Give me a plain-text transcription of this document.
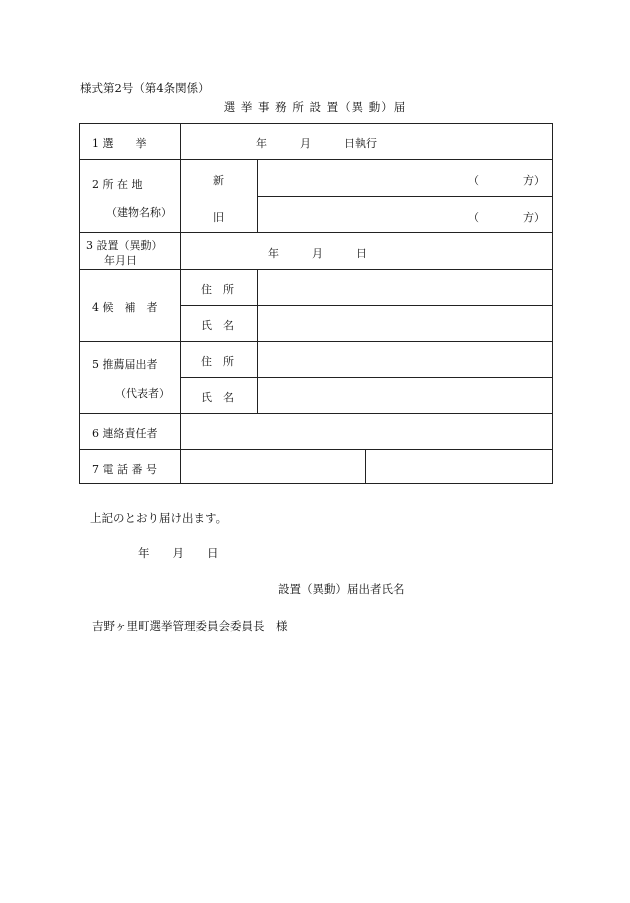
様式第2号（第4条関係）
選 挙 事 務 所 設 置（異 動）届
1 選　　挙	年　　　月　　　日執行
2 所 在 地
（建物名称）
新
旧
（　　　　方）
（　　　　方）
3 設置（異動）
年月日
年　　　月　　　日
4 候　補　者
住　所
氏　名
5 推薦届出者
（代表者）
住　所
氏　名
6 連絡責任者
7 電 話 番 号
上記のとおり届け出ます。
年　　月　　日
設置（異動）届出者氏名
吉野ヶ里町選挙管理委員会委員長　様
